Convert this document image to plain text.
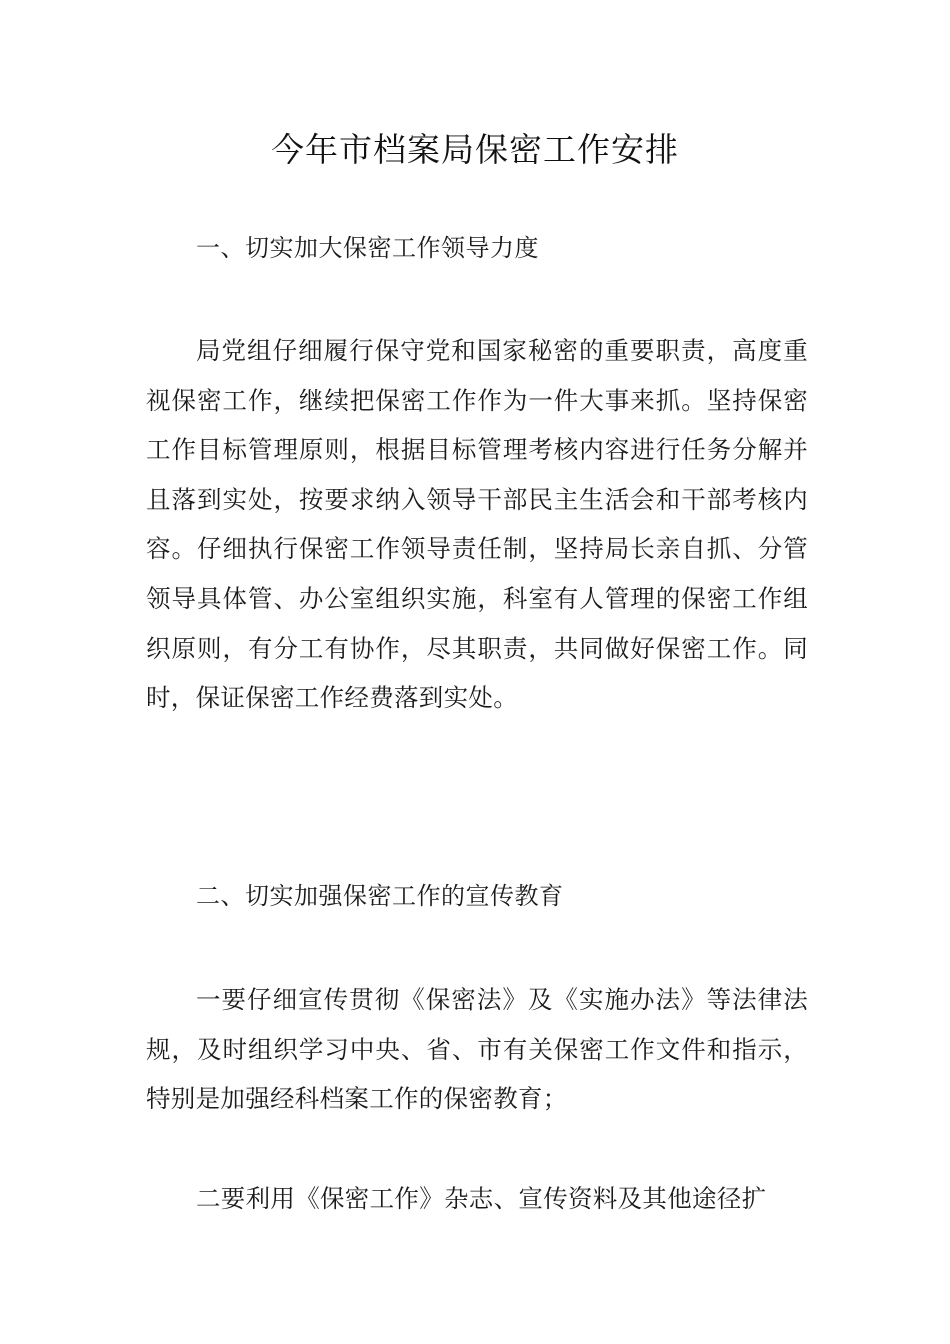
今年市档案局保密工作安排
一、切实加大保密工作领导力度

局党组仔细履行保守党和国家秘密的重要职责，高度重视保密工作，继续把保密工作作为一件大事来抓。坚持保密工作目标管理原则，根据目标管理考核内容进行任务分解并且落到实处，按要求纳入领导干部民主生活会和干部考核内容。仔细执行保密工作领导责任制，坚持局长亲自抓、分管领导具体管、办公室组织实施，科室有人管理的保密工作组织原则，有分工有协作，尽其职责，共同做好保密工作。同时，保证保密工作经费落到实处。

二、切实加强保密工作的宣传教育

一要仔细宣传贯彻《保密法》及《实施办法》等法律法规，及时组织学习中央、省、市有关保密工作文件和指示，特别是加强经科档案工作的保密教育；

二要利用《保密工作》杂志、宣传资料及其他途径扩
